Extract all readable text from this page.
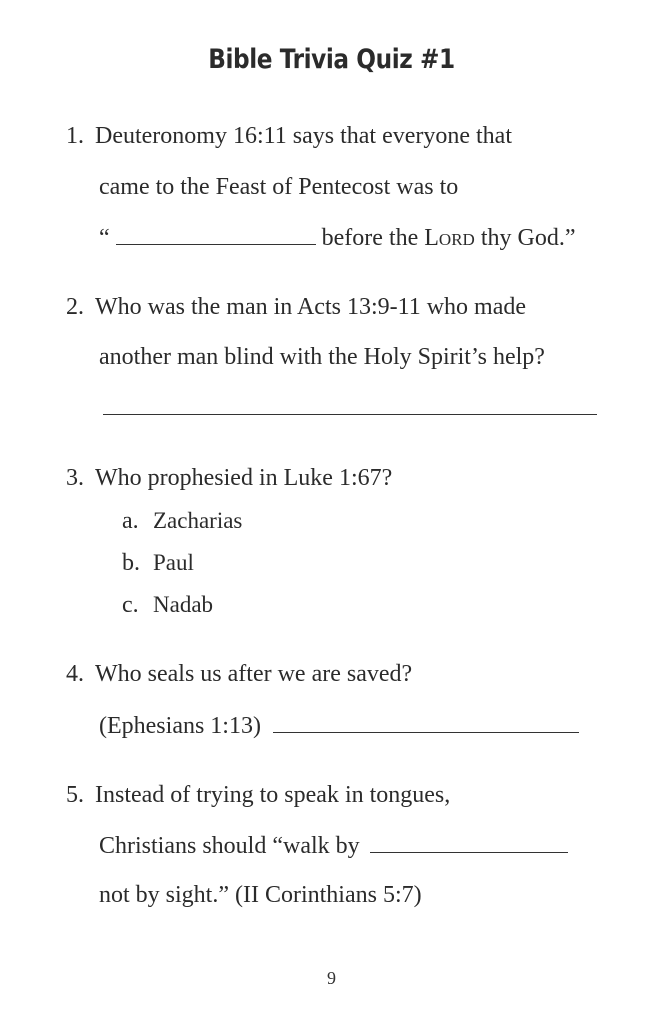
Bible Trivia Quiz #1
1. Deuteronomy 16:11 says that everyone that
came to the Feast of Pentecost was to
“	before the Lord thy God.”
2. Who was the man in Acts 13:9-11 who made
another man blind with the Holy Spirit’s help?
3. Who prophesied in Luke 1:67?
a. Zacharias
b. Paul
c. Nadab
4. Who seals us after we are saved?
(Ephesians 1:13)
5. Instead of trying to speak in tongues,
Christians should “walk by
not by sight.” (II Corinthians 5:7)
9
